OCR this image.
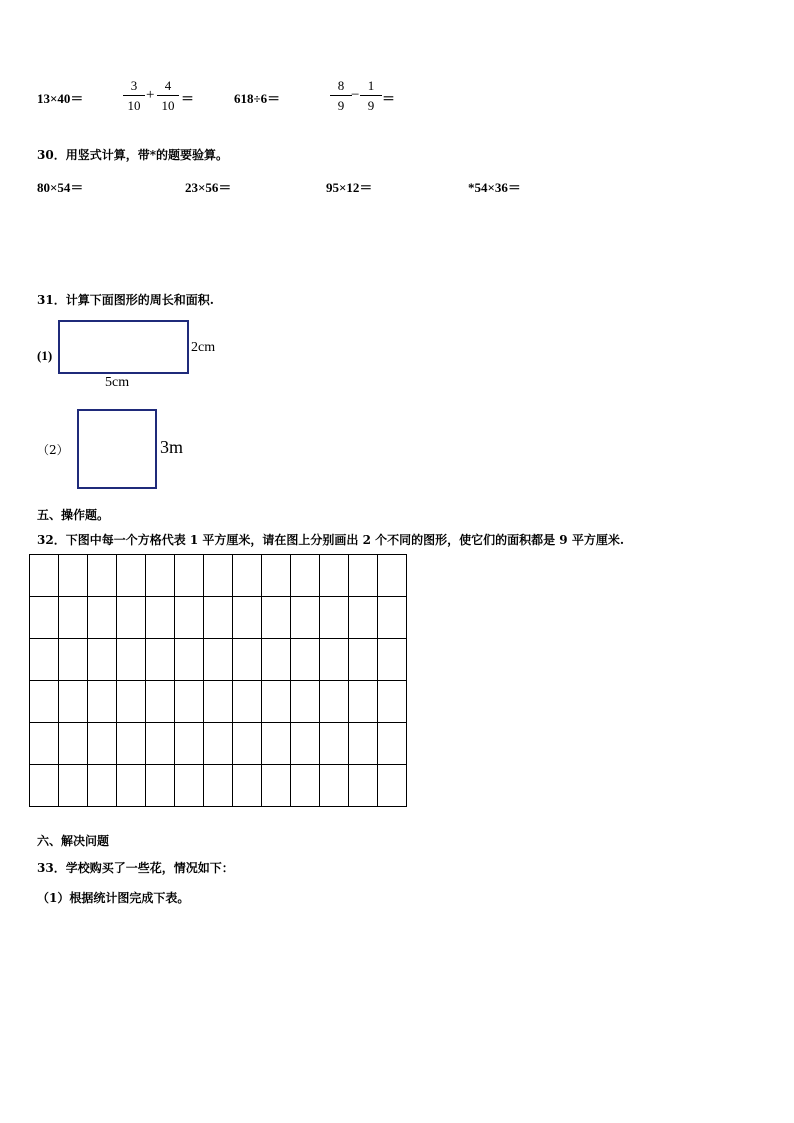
13×40＝
3
10
+
4
10 ＝	618÷6＝
8
9
−
1
9 ＝
30．用竖式计算，带*的题要验算。
80×54＝	23×56＝	95×12＝	*54×36＝
31．计算下面图形的周长和面积.
(1)
2cm
5cm
（2）	3m
五、操作题。
32．下图中每一个方格代表 1 平方厘米，请在图上分别画出 2 个不同的图形，使它们的面积都是 9 平方厘米.

六、解决问题
33．学校购买了一些花，情况如下：
（1）根据统计图完成下表。
